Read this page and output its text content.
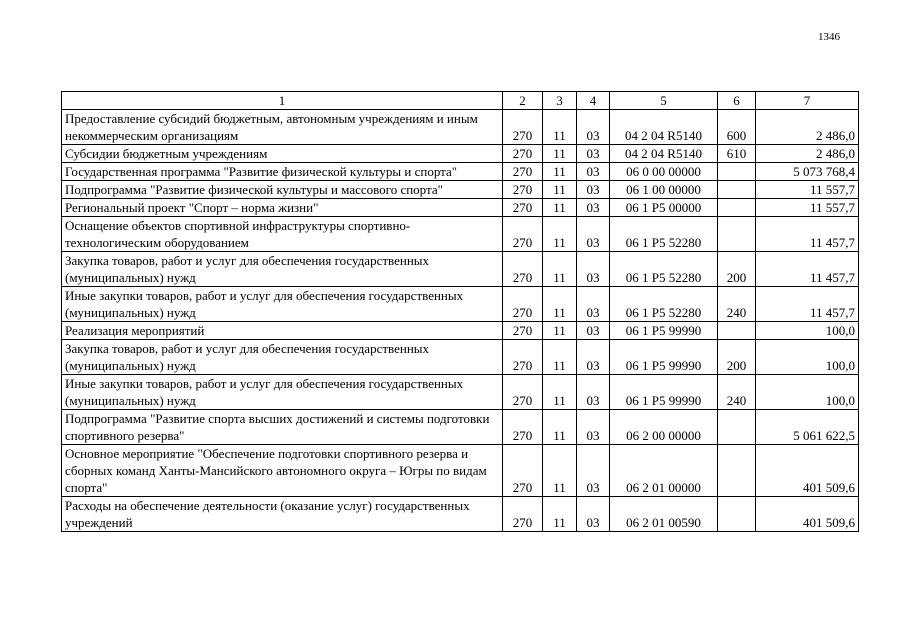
1346
1	2	3	4	5	6	7
Предоставление субсидий бюджетным, автономным учреждениям и иным некоммерческим организациям	270	11	03	04 2 04 R5140	600	2 486,0
Субсидии бюджетным учреждениям	270	11	03	04 2 04 R5140	610	2 486,0
Государственная программа "Развитие физической культуры и спорта"	270	11	03	06 0 00 00000		5 073 768,4
Подпрограмма "Развитие физической культуры и массового спорта"	270	11	03	06 1 00 00000		11 557,7
Региональный проект "Спорт – норма жизни"	270	11	03	06 1 P5 00000		11 557,7
Оснащение объектов спортивной инфраструктуры спортивно-технологическим оборудованием	270	11	03	06 1 P5 52280		11 457,7
Закупка товаров, работ и услуг для обеспечения государственных (муниципальных) нужд	270	11	03	06 1 P5 52280	200	11 457,7
Иные закупки товаров, работ и услуг для обеспечения государственных (муниципальных) нужд	270	11	03	06 1 P5 52280	240	11 457,7
Реализация мероприятий	270	11	03	06 1 P5 99990		100,0
Закупка товаров, работ и услуг для обеспечения государственных (муниципальных) нужд	270	11	03	06 1 P5 99990	200	100,0
Иные закупки товаров, работ и услуг для обеспечения государственных (муниципальных) нужд	270	11	03	06 1 P5 99990	240	100,0
Подпрограмма "Развитие спорта высших достижений и системы подготовки спортивного резерва"	270	11	03	06 2 00 00000		5 061 622,5
Основное мероприятие "Обеспечение подготовки спортивного резерва и сборных команд Ханты-Мансийского автономного округа – Югры по видам спорта"	270	11	03	06 2 01 00000		401 509,6
Расходы на обеспечение деятельности (оказание услуг) государственных учреждений	270	11	03	06 2 01 00590		401 509,6
